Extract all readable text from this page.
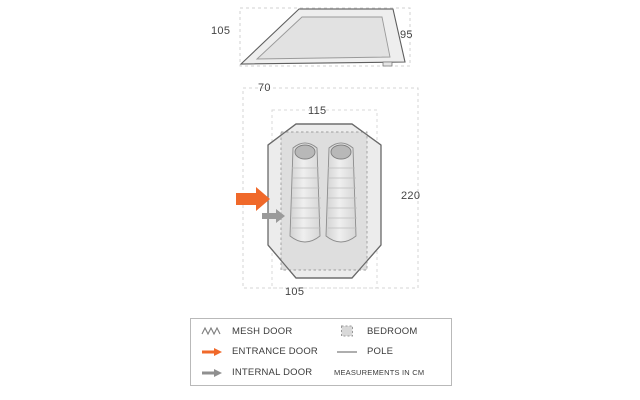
105	95
70
115
220
105
MESH DOOR	BEDROOM
ENTRANCE DOOR	POLE
INTERNAL DOOR	MEASUREMENTS IN CM
